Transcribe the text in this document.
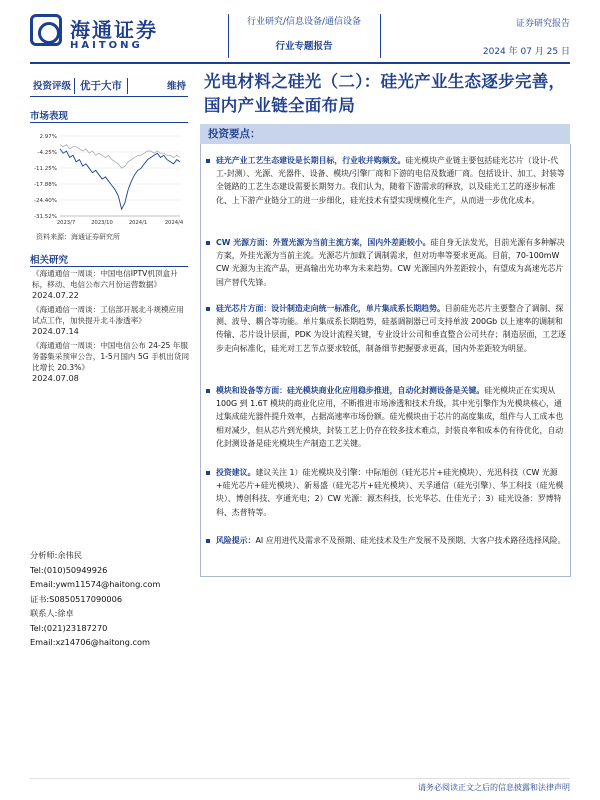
海通证券
HAITONG
行业研究/信息设备/通信设备
行业专题报告
证券研究报告
2024 年 07 月 25 日
投资评级 优于大市	维持
市场表现
2.97%
-4.25%
-11.25%
-17.88%
-24.40%
-31.52%
2023/7	2023/10	2024/1	2024/4
资料来源：海通证券研究所
相关研究
《海通通信一周谈：中国电信IPTV机顶盒升标，移动、电信公布六月份运营数据》
2024.07.22
《海通通信一周谈：工信部开展北斗规模应用试点工作，加快提升北斗渗透率》
2024.07.14
《海通通信一周谈：中国电信公布 24-25 年服务器集采预审公告，1-5月国内 5G 手机出货同比增长 20.3%》
2024.07.08
分析师:余伟民
Tel:(010)50949926
Email:ywm11574@haitong.com
证书:S0850517090006
联系人:徐卓
Tel:(021)23187270
Email:xz14706@haitong.com
光电材料之硅光（二）：硅光产业生态逐步完善，国内产业链全面布局
投资要点：
硅光产业工艺生态建设是长期目标，行业收并购频发。硅光模块产业链主要包括硅光芯片（设计-代工-封测）、光源、光器件、设备、模块/引擎厂商和下游的电信及数通厂商。包括设计、加工、封装等全链路的工艺生态建设需要长期努力。我们认为，随着下游需求的释放，以及硅光工艺的逐步标准化、上下游产业链分工的进一步细化，硅光技术有望实现规模化生产，从而进一步优化成本。
CW 光源方面：外置光源为当前主流方案，国内外差距较小。硅自身无法发光，目前光源有多种解决方案，外挂光源为当前主流。光源芯片加载了调制需求，但对功率等要求更高。目前，70-100mW CW 光源为主流产品，更高输出光功率为未来趋势。CW 光源国内外差距较小，有望成为高速光芯片国产替代先锋。
硅光芯片方面：设计制造走向统一标准化，单片集成系长期趋势。目前硅光芯片主要整合了调制、探测、波导、耦合等功能。单片集成系长期趋势，硅基调制器已可支持单波 200Gb 以上速率的调制和传输、芯片设计层面，PDK 为设计流程关键，专业设计公司和垂直整合公司共存；制造层面，工艺逐步走向标准化，硅光对工艺节点要求较低，制备细节把握要求更高，国内外差距较为明显。
模块和设备等方面：硅光模块商业化应用稳步推进，自动化封测设备是关键。硅光模块正在实现从 100G 到 1.6T 模块的商业化应用，不断推进市场渗透和技术升级，其中光引擎作为光模块核心，通过集成硅光器件提升效率，占据高速率市场份额。硅光模块由于芯片的高度集成，组件与人工成本也相对减少，但从芯片到光模块，封装工艺上仍存在较多技术难点，封装良率和成本仍有待优化，自动化封测设备是硅光模块生产制造工艺关键。
投资建议。建议关注 1）硅光模块及引擎：中际旭创（硅光芯片+硅光模块）、光迅科技（CW 光源+硅光芯片+硅光模块）、新易盛（硅光芯片+硅光模块）、天孚通信（硅光引擎）、华工科技（硅光模块）、博创科技、亨通光电；2）CW 光源：源杰科技，长光华芯、仕佳光子；3）硅光设备：罗博特科、杰普特等。
风险提示：AI 应用进代及需求不及预期、硅光技术及生产发展不及预期、大客户技术路径选择风险。
请务必阅读正文之后的信息披露和法律声明
